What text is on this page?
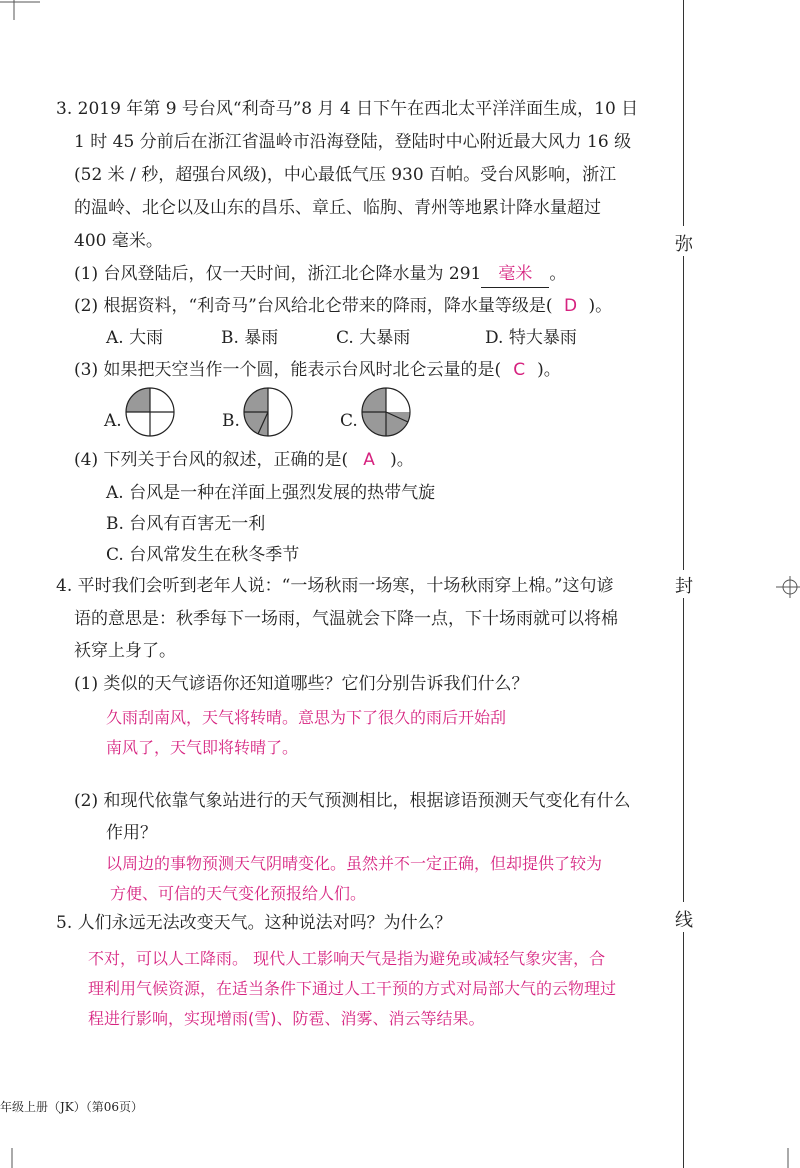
3. 2019 年第 9 号台风“利奇马”8 月 4 日下午在西北太平洋洋面生成，10 日
1 时 45 分前后在浙江省温岭市沿海登陆，登陆时中心附近最大风力 16 级
(52 米 / 秒，超强台风级)，中心最低气压 930 百帕。受台风影响，浙江
的温岭、北仑以及山东的昌乐、章丘、临朐、青州等地累计降水量超过
400 毫米。
(1) 台风登陆后，仅一天时间，浙江北仑降水量为 291 毫米 。
(2) 根据资料，“利奇马”台风给北仑带来的降雨，降水量等级是( D )。
A. 大雨	B. 暴雨	C. 大暴雨	D. 特大暴雨
(3) 如果把天空当作一个圆，能表示台风时北仑云量的是( C )。
A.	B.	C.
(4) 下列关于台风的叙述，正确的是( A )。
A. 台风是一种在洋面上强烈发展的热带气旋
B. 台风有百害无一利
C. 台风常发生在秋冬季节
4. 平时我们会听到老年人说：“一场秋雨一场寒，十场秋雨穿上棉。”这句谚
语的意思是：秋季每下一场雨，气温就会下降一点，下十场雨就可以将棉
袄穿上身了。
(1) 类似的天气谚语你还知道哪些？它们分别告诉我们什么？
久雨刮南风，天气将转晴。意思为下了很久的雨后开始刮
南风了，天气即将转晴了。
(2) 和现代依靠气象站进行的天气预测相比，根据谚语预测天气变化有什么
作用？
以周边的事物预测天气阴晴变化。虽然并不一定正确，但却提供了较为
方便、可信的天气变化预报给人们。
5. 人们永远无法改变天气。这种说法对吗？为什么？
不对，可以人工降雨。 现代人工影响天气是指为避免或减轻气象灾害，合
理利用气候资源，在适当条件下通过人工干预的方式对局部大气的云物理过
程进行影响，实现增雨(雪)、防雹、消雾、消云等结果。
弥
封
线
年级上册（JK）（第06页）
